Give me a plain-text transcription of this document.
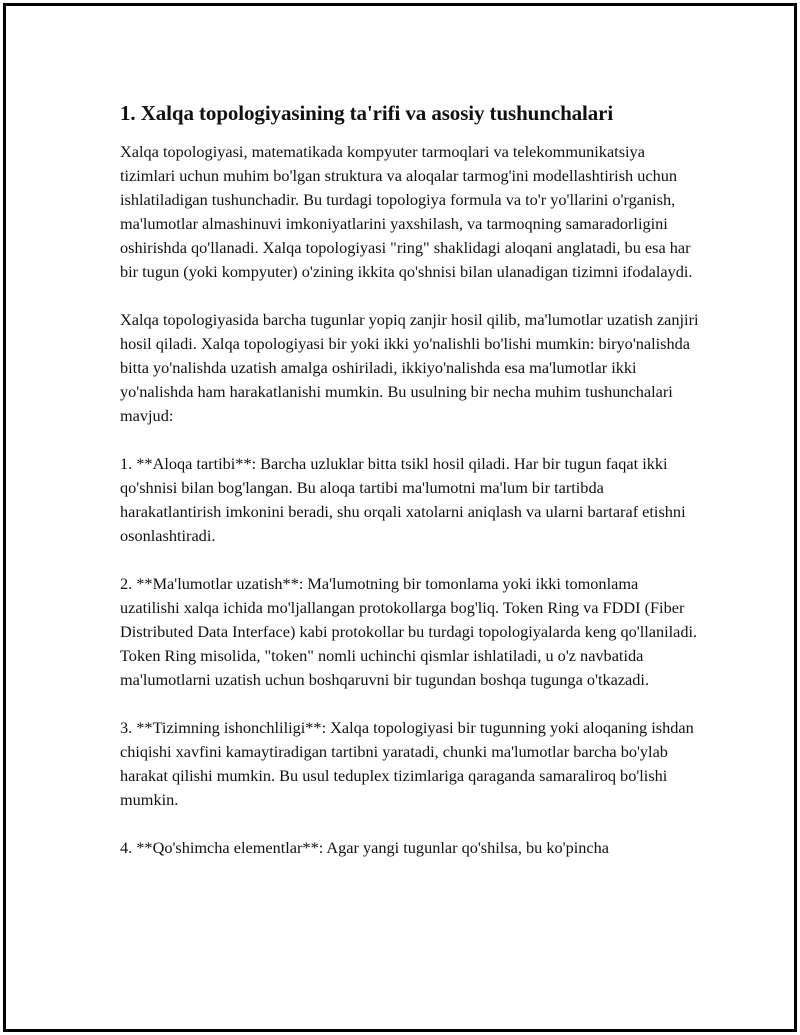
1. Xalqa topologiyasining ta'rifi va asosiy tushunchalari

Xalqa topologiyasi, matematikada kompyuter tarmoqlari va telekommunikatsiya tizimlari uchun muhim bo'lgan struktura va aloqalar tarmog'ini modellashtirish uchun ishlatiladigan tushunchadir. Bu turdagi topologiya formula va to'r yo'llarini o'rganish, ma'lumotlar almashinuvi imkoniyatlarini yaxshilash, va tarmoqning samaradorligini oshirishda qo'llanadi. Xalqa topologiyasi "ring" shaklidagi aloqani anglatadi, bu esa har bir tugun (yoki kompyuter) o'zining ikkita qo'shnisi bilan ulanadigan tizimni ifodalaydi.

Xalqa topologiyasida barcha tugunlar yopiq zanjir hosil qilib, ma'lumotlar uzatish zanjiri hosil qiladi. Xalqa topologiyasi bir yoki ikki yo'nalishli bo'lishi mumkin: biryo'nalishda bitta yo'nalishda uzatish amalga oshiriladi, ikkiyo'nalishda esa ma'lumotlar ikki yo'nalishda ham harakatlanishi mumkin. Bu usulning bir necha muhim tushunchalari mavjud:

1. **Aloqa tartibi**: Barcha uzluklar bitta tsikl hosil qiladi. Har bir tugun faqat ikki qo'shnisi bilan bog'langan. Bu aloqa tartibi ma'lumotni ma'lum bir tartibda harakatlantirish imkonini beradi, shu orqali xatolarni aniqlash va ularni bartaraf etishni osonlashtiradi.

2. **Ma'lumotlar uzatish**: Ma'lumotning bir tomonlama yoki ikki tomonlama uzatilishi xalqa ichida mo'ljallangan protokollarga bog'liq. Token Ring va FDDI (Fiber Distributed Data Interface) kabi protokollar bu turdagi topologiyalarda keng qo'llaniladi. Token Ring misolida, "token" nomli uchinchi qismlar ishlatiladi, u o'z navbatida ma'lumotlarni uzatish uchun boshqaruvni bir tugundan boshqa tugunga o'tkazadi.

3. **Tizimning ishonchliligi**: Xalqa topologiyasi bir tugunning yoki aloqaning ishdan chiqishi xavfini kamaytiradigan tartibni yaratadi, chunki ma'lumotlar barcha bo'ylab harakat qilishi mumkin. Bu usul teduplex tizimlariga qaraganda samaraliroq bo'lishi mumkin.

4. **Qo'shimcha elementlar**: Agar yangi tugunlar qo'shilsa, bu ko'pincha
